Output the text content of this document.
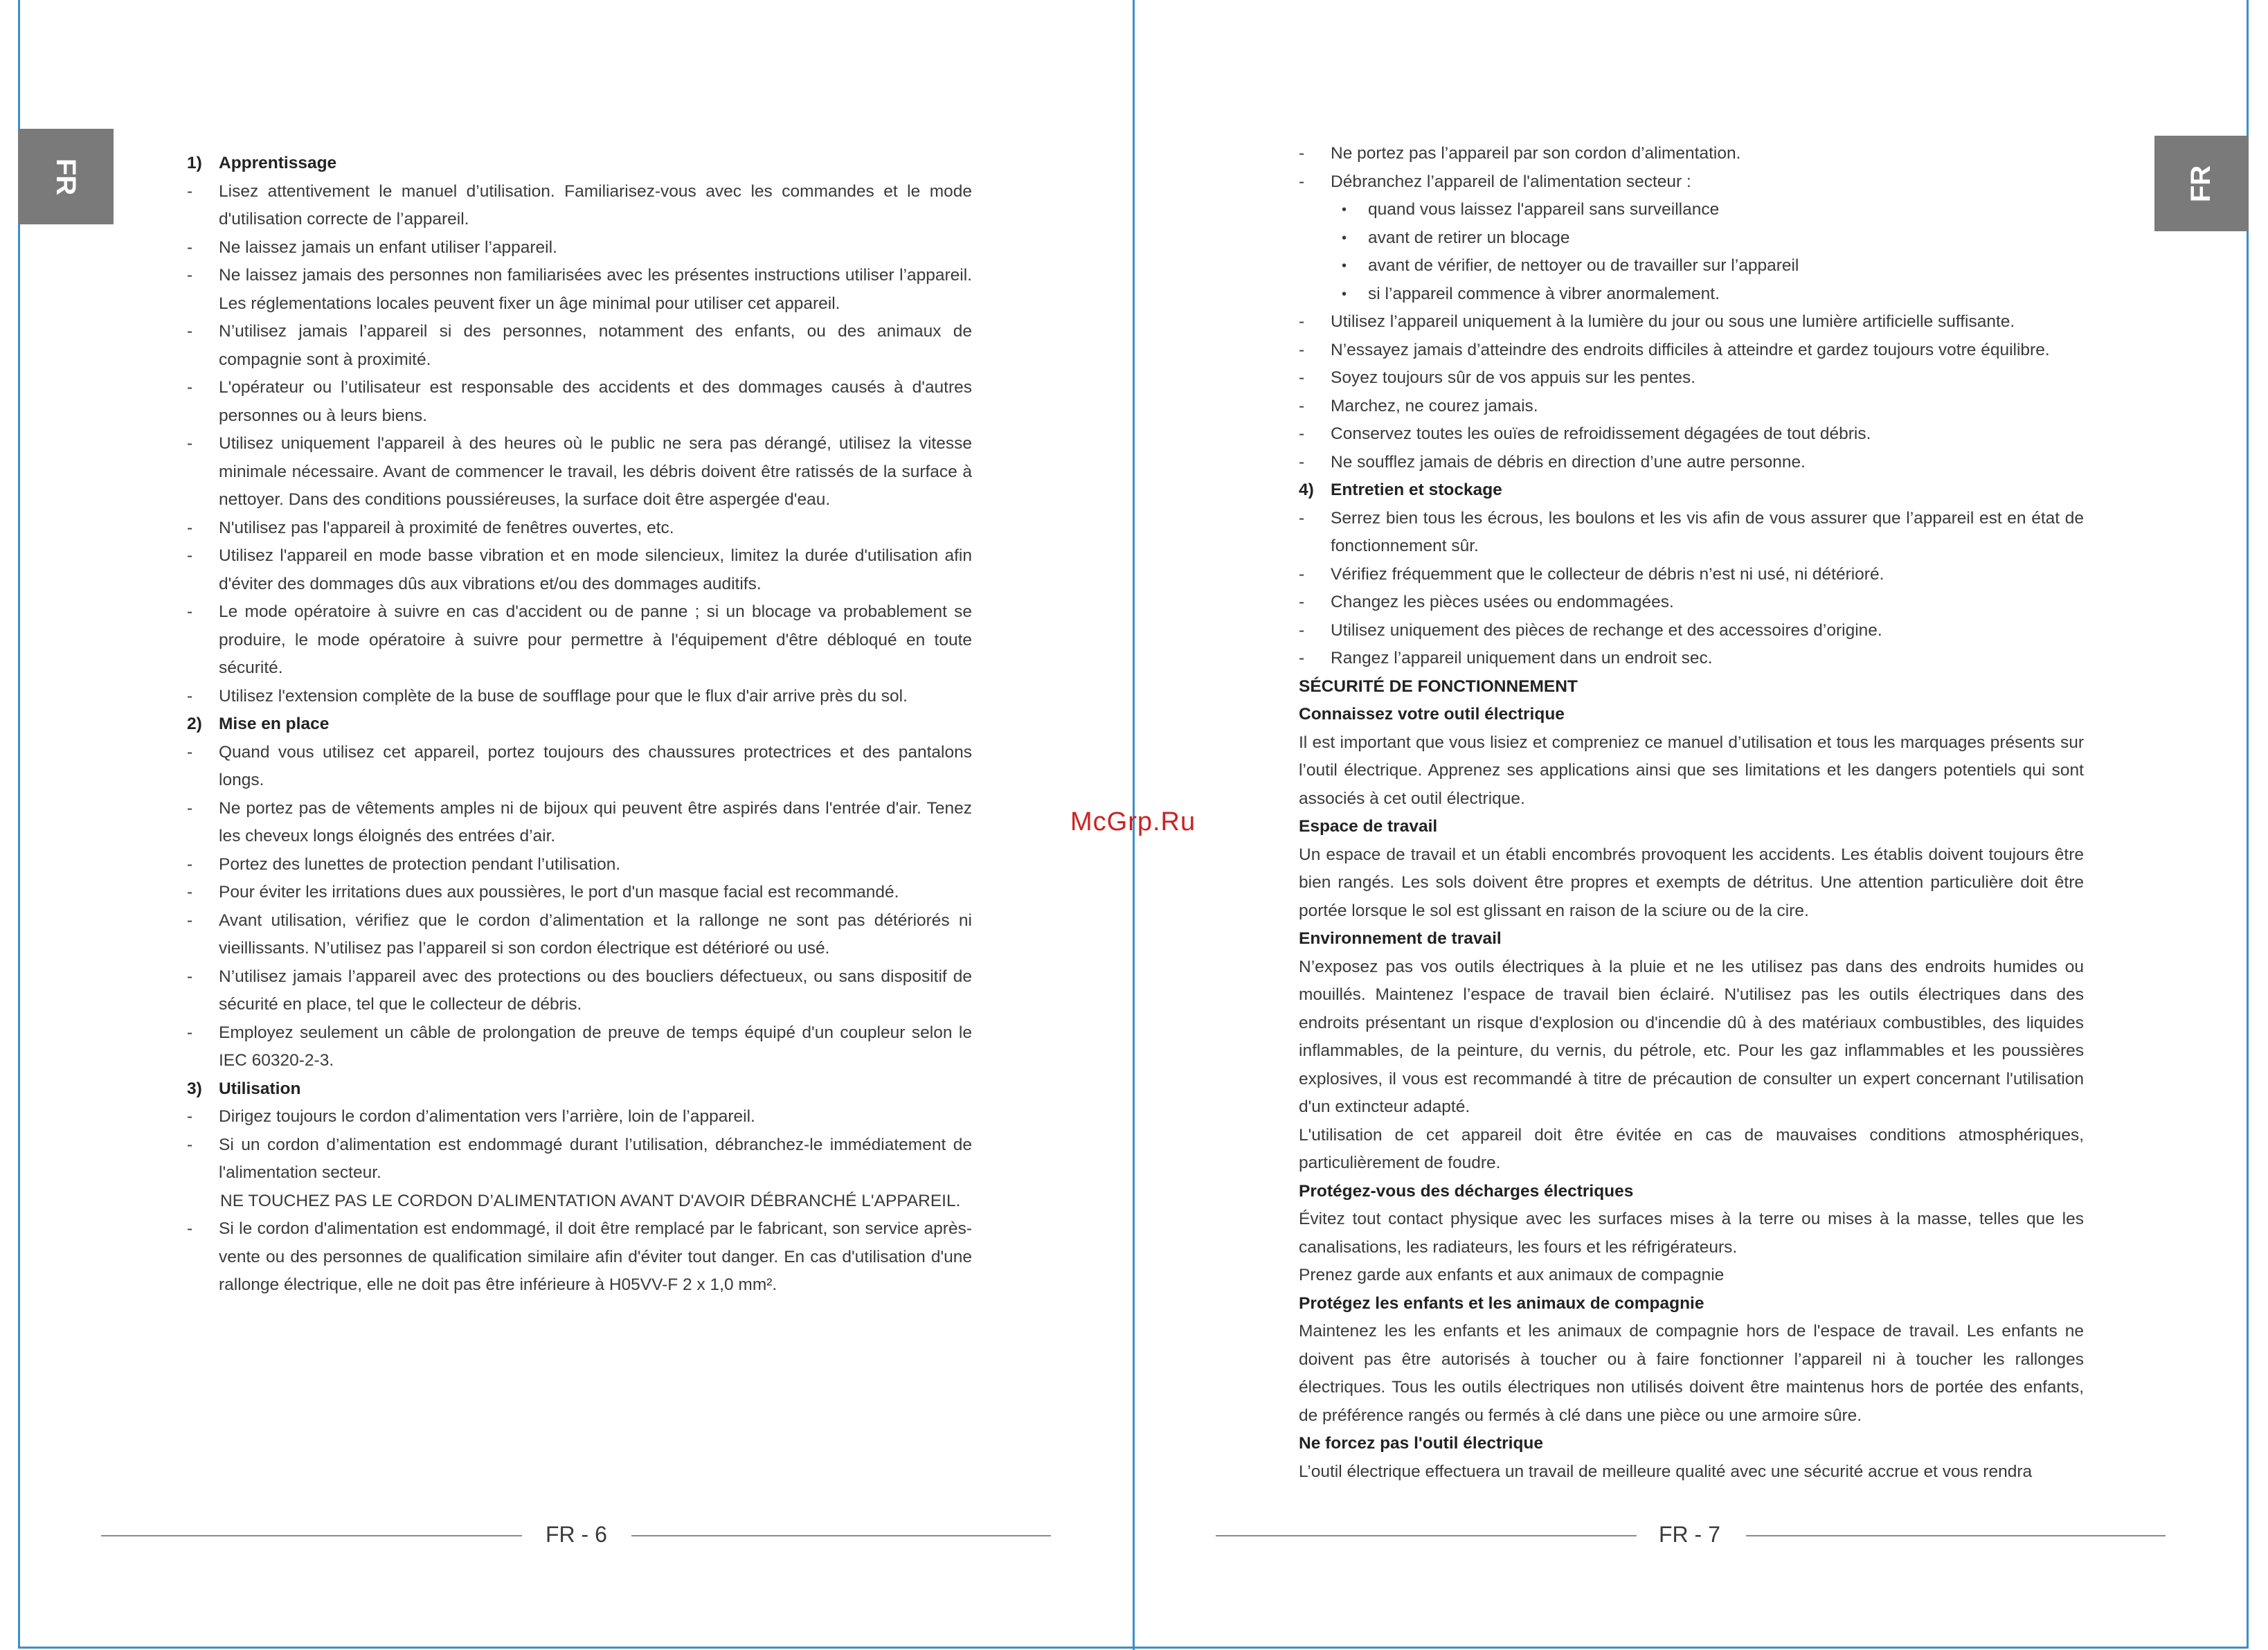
FR	FR
McGrp.Ru
1) Apprentissage
- Lisez attentivement le manuel d’utilisation. Familiarisez-vous avec les commandes et le mode d'utilisation correcte de l’appareil.
- Ne laissez jamais un enfant utiliser l’appareil.
- Ne laissez jamais des personnes non familiarisées avec les présentes instructions utiliser l’appareil. Les réglementations locales peuvent fixer un âge minimal pour utiliser cet appareil.
- N’utilisez jamais l’appareil si des personnes, notamment des enfants, ou des animaux de compagnie sont à proximité.
- L'opérateur ou l’utilisateur est responsable des accidents et des dommages causés à d'autres personnes ou à leurs biens.
- Utilisez uniquement l'appareil à des heures où le public ne sera pas dérangé, utilisez la vitesse minimale nécessaire. Avant de commencer le travail, les débris doivent être ratissés de la surface à nettoyer. Dans des conditions poussiéreuses, la surface doit être aspergée d'eau.
- N'utilisez pas l'appareil à proximité de fenêtres ouvertes, etc.
- Utilisez l'appareil en mode basse vibration et en mode silencieux, limitez la durée d'utilisation afin d'éviter des dommages dûs aux vibrations et/ou des dommages auditifs.
- Le mode opératoire à suivre en cas d'accident ou de panne ; si un blocage va probablement se produire, le mode opératoire à suivre pour permettre à l'équipement d'être débloqué en toute sécurité.
- Utilisez l'extension complète de la buse de soufflage pour que le flux d'air arrive près du sol.
2) Mise en place
- Quand vous utilisez cet appareil, portez toujours des chaussures protectrices et des pantalons longs.
- Ne portez pas de vêtements amples ni de bijoux qui peuvent être aspirés dans l'entrée d'air. Tenez les cheveux longs éloignés des entrées d’air.
- Portez des lunettes de protection pendant l’utilisation.
- Pour éviter les irritations dues aux poussières, le port d'un masque facial est recommandé.
- Avant utilisation, vérifiez que le cordon d’alimentation et la rallonge ne sont pas détériorés ni vieillissants. N’utilisez pas l’appareil si son cordon électrique est détérioré ou usé.
- N’utilisez jamais l’appareil avec des protections ou des boucliers défectueux, ou sans dispositif de sécurité en place, tel que le collecteur de débris.
- Employez seulement un câble de prolongation de preuve de temps équipé d'un coupleur selon le IEC 60320-2-3.
3) Utilisation
- Dirigez toujours le cordon d’alimentation vers l’arrière, loin de l’appareil.
- Si un cordon d’alimentation est endommagé durant l’utilisation, débranchez-le immédiatement de l'alimentation secteur.
NE TOUCHEZ PAS LE CORDON D’ALIMENTATION AVANT D'AVOIR DÉBRANCHÉ L'APPAREIL.
- Si le cordon d'alimentation est endommagé, il doit être remplacé par le fabricant, son service après-vente ou des personnes de qualification similaire afin d'éviter tout danger. En cas d'utilisation d'une rallonge électrique, elle ne doit pas être inférieure à H05VV-F 2 x 1,0 mm².
- Ne portez pas l’appareil par son cordon d’alimentation.
- Débranchez l’appareil de l'alimentation secteur :
• quand vous laissez l'appareil sans surveillance
• avant de retirer un blocage
• avant de vérifier, de nettoyer ou de travailler sur l’appareil
• si l’appareil commence à vibrer anormalement.
- Utilisez l’appareil uniquement à la lumière du jour ou sous une lumière artificielle suffisante.
- N’essayez jamais d’atteindre des endroits difficiles à atteindre et gardez toujours votre équilibre.
- Soyez toujours sûr de vos appuis sur les pentes.
- Marchez, ne courez jamais.
- Conservez toutes les ouïes de refroidissement dégagées de tout débris.
- Ne soufflez jamais de débris en direction d’une autre personne.
4) Entretien et stockage
- Serrez bien tous les écrous, les boulons et les vis afin de vous assurer que l’appareil est en état de fonctionnement sûr.
- Vérifiez fréquemment que le collecteur de débris n’est ni usé, ni détérioré.
- Changez les pièces usées ou endommagées.
- Utilisez uniquement des pièces de rechange et des accessoires d’origine.
- Rangez l’appareil uniquement dans un endroit sec.
SÉCURITÉ DE FONCTIONNEMENT
Connaissez votre outil électrique
Il est important que vous lisiez et compreniez ce manuel d’utilisation et tous les marquages présents sur l’outil électrique. Apprenez ses applications ainsi que ses limitations et les dangers potentiels qui sont associés à cet outil électrique.
Espace de travail
Un espace de travail et un établi encombrés provoquent les accidents. Les établis doivent toujours être bien rangés. Les sols doivent être propres et exempts de détritus. Une attention particulière doit être portée lorsque le sol est glissant en raison de la sciure ou de la cire.
Environnement de travail
N’exposez pas vos outils électriques à la pluie et ne les utilisez pas dans des endroits humides ou mouillés. Maintenez l’espace de travail bien éclairé. N'utilisez pas les outils électriques dans des endroits présentant un risque d'explosion ou d'incendie dû à des matériaux combustibles, des liquides inflammables, de la peinture, du vernis, du pétrole, etc. Pour les gaz inflammables et les poussières explosives, il vous est recommandé à titre de précaution de consulter un expert concernant l'utilisation d'un extincteur adapté.
L'utilisation de cet appareil doit être évitée en cas de mauvaises conditions atmosphériques, particulièrement de foudre.
Protégez-vous des décharges électriques
Évitez tout contact physique avec les surfaces mises à la terre ou mises à la masse, telles que les canalisations, les radiateurs, les fours et les réfrigérateurs.
Prenez garde aux enfants et aux animaux de compagnie
Protégez les enfants et les animaux de compagnie
Maintenez les les enfants et les animaux de compagnie hors de l'espace de travail. Les enfants ne doivent pas être autorisés à toucher ou à faire fonctionner l’appareil ni à toucher les rallonges électriques. Tous les outils électriques non utilisés doivent être maintenus hors de portée des enfants, de préférence rangés ou fermés à clé dans une pièce ou une armoire sûre.
Ne forcez pas l'outil électrique
L’outil électrique effectuera un travail de meilleure qualité avec une sécurité accrue et vous rendra
FR - 6	FR - 7
